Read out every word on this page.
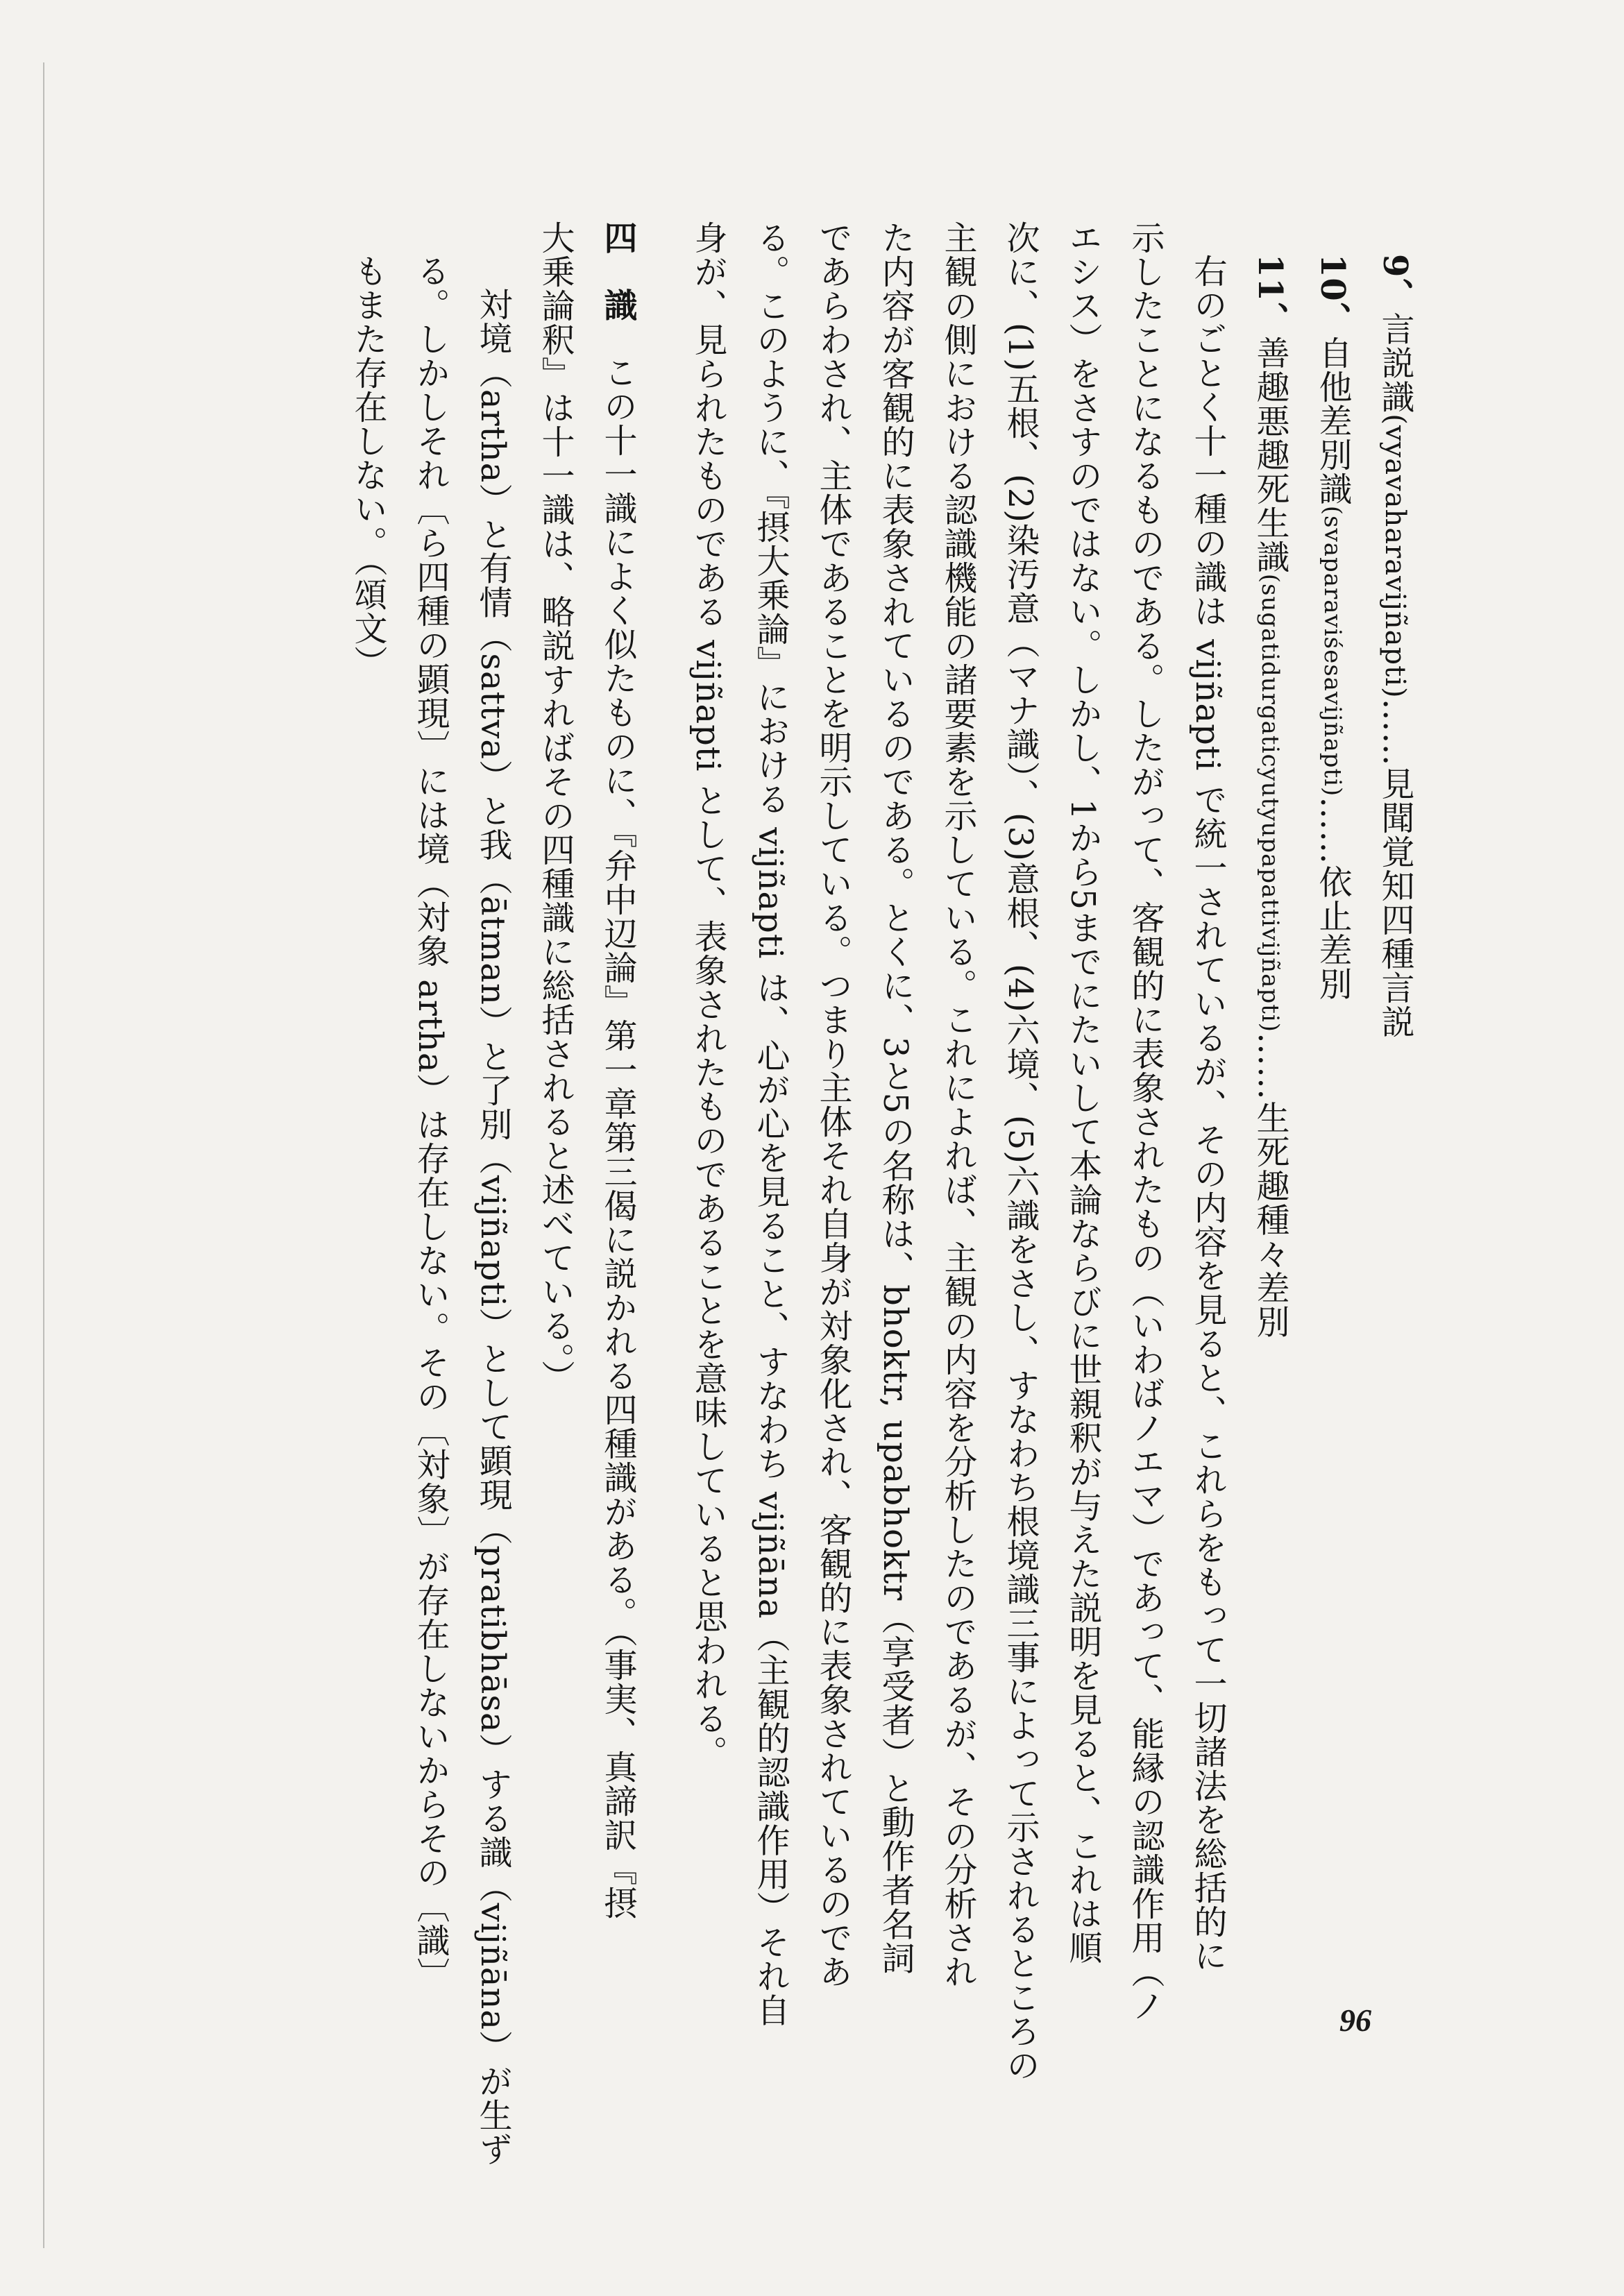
9、言説識(vyavaharavijñapti)……見聞覚知四種言説
10、自他差別識(svaparaviśesavijñapti)……依止差別
11、善趣悪趣死生識(sugatidurgaticyutyupapattivijñapti)……生死趣種々差別
右のごとく十一種の識は vijñapti で統一されているが、その内容を見ると、これらをもって一切諸法を総括的に
示したことになるものである。したがって、客観的に表象されたもの（いわばノエマ）であって、能縁の認識作用（ノ
エシス）をさすのではない。しかし、1から5までにたいして本論ならびに世親釈が与えた説明を見ると、これは順
次に、(1)五根、(2)染汚意（マナ識）、(3)意根、(4)六境、(5)六識をさし、すなわち根境識三事によって示されるところの
主観の側における認識機能の諸要素を示している。これによれば、主観の内容を分析したのであるが、その分析され
た内容が客観的に表象されているのである。とくに、3と5の名称は、bhoktr, upabhoktr（享受者）と動作者名詞
であらわされ、主体であることを明示している。つまり主体それ自身が対象化され、客観的に表象されているのであ
る。このように、『摂大乗論』における vijñapti は、心が心を見ること、すなわち vijñāna（主観的認識作用）それ自
身が、見られたものである vijñapti として、表象されたものであることを意味していると思われる。
四識この十一識によく似たものに、『弁中辺論』第一章第三偈に説かれる四種識がある。（事実、真諦訳『摂
大乗論釈』は十一識は、略説すればその四種識に総括されると述べている。）
対境（artha）と有情（sattva）と我（ātman）と了別（vijñapti）として顕現（pratibhāsa）する識（vijñāna）が生ず
る。しかしそれ〔ら四種の顕現〕には境（対象 artha）は存在しない。その〔対象〕が存在しないからその〔識〕
もまた存在しない。（頌文）
96
